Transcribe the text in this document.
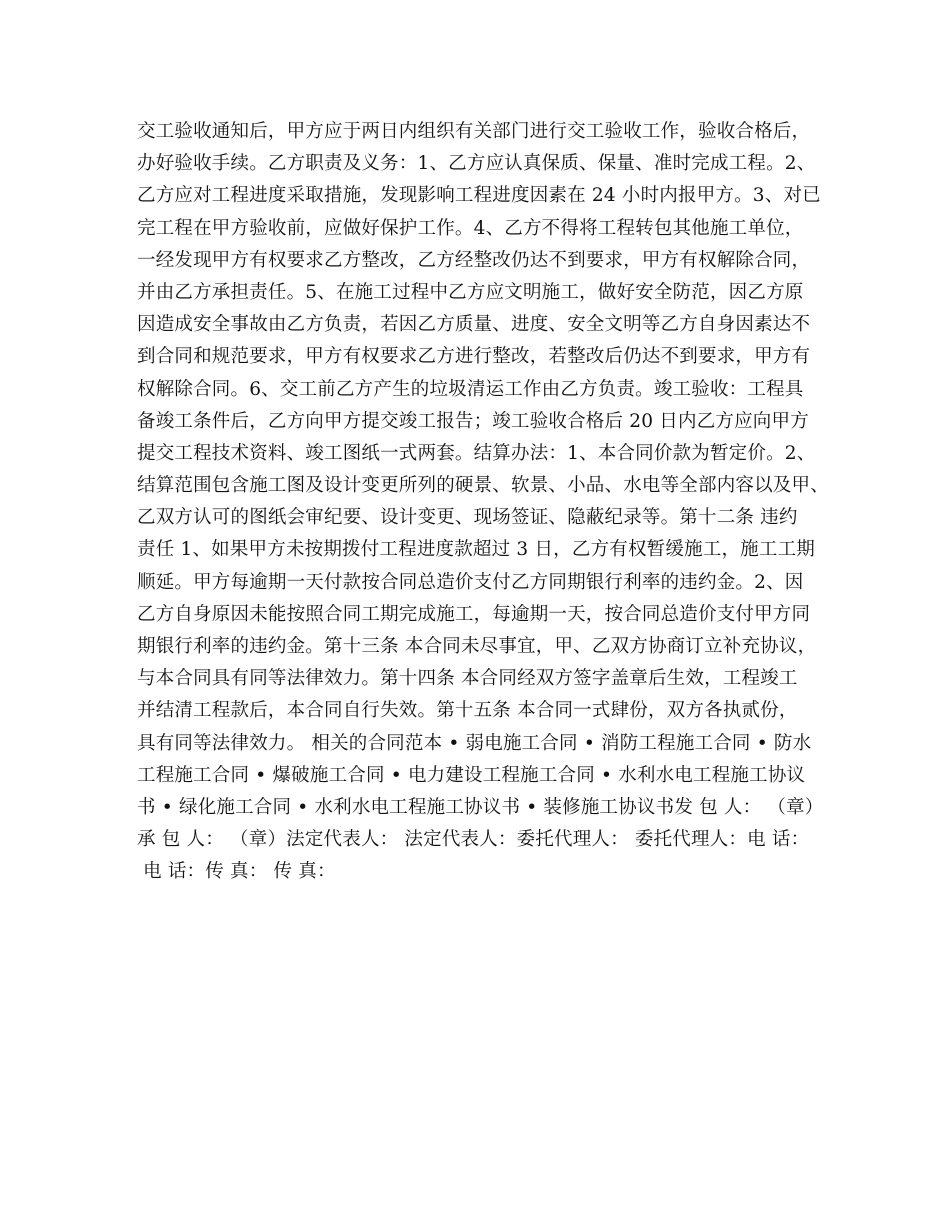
交工验收通知后，甲方应于两日内组织有关部门进行交工验收工作，验收合格后，
办好验收手续。乙方职责及义务：1、乙方应认真保质、保量、准时完成工程。2、
乙方应对工程进度采取措施，发现影响工程进度因素在 24 小时内报甲方。3、对已
完工程在甲方验收前，应做好保护工作。4、乙方不得将工程转包其他施工单位，
一经发现甲方有权要求乙方整改，乙方经整改仍达不到要求，甲方有权解除合同，
并由乙方承担责任。5、在施工过程中乙方应文明施工，做好安全防范，因乙方原
因造成安全事故由乙方负责，若因乙方质量、进度、安全文明等乙方自身因素达不
到合同和规范要求，甲方有权要求乙方进行整改，若整改后仍达不到要求，甲方有
权解除合同。6、交工前乙方产生的垃圾清运工作由乙方负责。竣工验收：工程具
备竣工条件后，乙方向甲方提交竣工报告；竣工验收合格后 20 日内乙方应向甲方
提交工程技术资料、竣工图纸一式两套。结算办法：1、本合同价款为暂定价。2、
结算范围包含施工图及设计变更所列的硬景、软景、小品、水电等全部内容以及甲、
乙双方认可的图纸会审纪要、设计变更、现场签证、隐蔽纪录等。第十二条 违约
责任 1、如果甲方未按期拨付工程进度款超过 3 日，乙方有权暂缓施工，施工工期
顺延。甲方每逾期一天付款按合同总造价支付乙方同期银行利率的违约金。2、因
乙方自身原因未能按照合同工期完成施工，每逾期一天，按合同总造价支付甲方同
期银行利率的违约金。第十三条 本合同未尽事宜，甲、乙双方协商订立补充协议，
与本合同具有同等法律效力。第十四条 本合同经双方签字盖章后生效，工程竣工
并结清工程款后，本合同自行失效。第十五条 本合同一式肆份，双方各执贰份，
具有同等法律效力。 相关的合同范本 • 弱电施工合同 • 消防工程施工合同 • 防水
工程施工合同 • 爆破施工合同 • 电力建设工程施工合同 • 水利水电工程施工协议
书 • 绿化施工合同 • 水利水电工程施工协议书 • 装修施工协议书发 包 人： （章）
承 包 人： （章）法定代表人： 法定代表人：委托代理人： 委托代理人：电 话：
电 话：传 真： 传 真：
